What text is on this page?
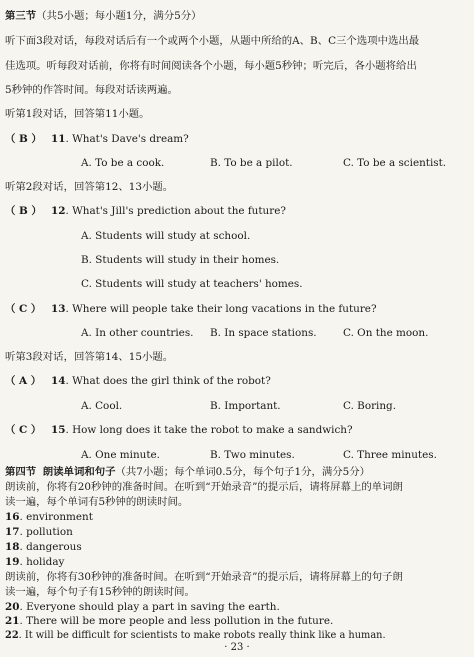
第三节（共5小题；每小题1分，满分5分）
听下面3段对话，每段对话后有一个或两个小题，从题中所给的A、B、C三个选项中选出最
佳选项。听每段对话前，你将有时间阅读各个小题，每小题5秒钟；听完后，各小题将给出
5秒钟的作答时间。每段对话读两遍。
听第1段对话，回答第11小题。
（ B ） 11. What's Dave's dream?
A. To be a cook.	B. To be a pilot.	C. To be a scientist.
听第2段对话，回答第12、13小题。
（ B ） 12. What's Jill's prediction about the future?
A. Students will study at school.
B. Students will study in their homes.
C. Students will study at teachers' homes.
（ C ） 13. Where will people take their long vacations in the future?
A. In other countries. B. In space stations.	C. On the moon.
听第3段对话，回答第14、15小题。
（ A ） 14. What does the girl think of the robot?
A. Cool.	B. Important.	C. Boring.
（ C ） 15. How long does it take the robot to make a sandwich?
A. One minute.	B. Two minutes.	C. Three minutes.
第四节 朗读单词和句子（共7小题；每个单词0.5分，每个句子1分，满分5分）
朗读前，你将有20秒钟的准备时间。在听到“开始录音”的提示后，请将屏幕上的单词朗
读一遍，每个单词有5秒钟的朗读时间。
16. environment
17. pollution
18. dangerous
19. holiday
朗读前，你将有30秒钟的准备时间。在听到“开始录音”的提示后，请将屏幕上的句子朗
读一遍，每个句子有15秒钟的朗读时间。
20. Everyone should play a part in saving the earth.
21. There will be more people and less pollution in the future.
22. It will be difficult for scientists to make robots really think like a human.
· 23 ·
